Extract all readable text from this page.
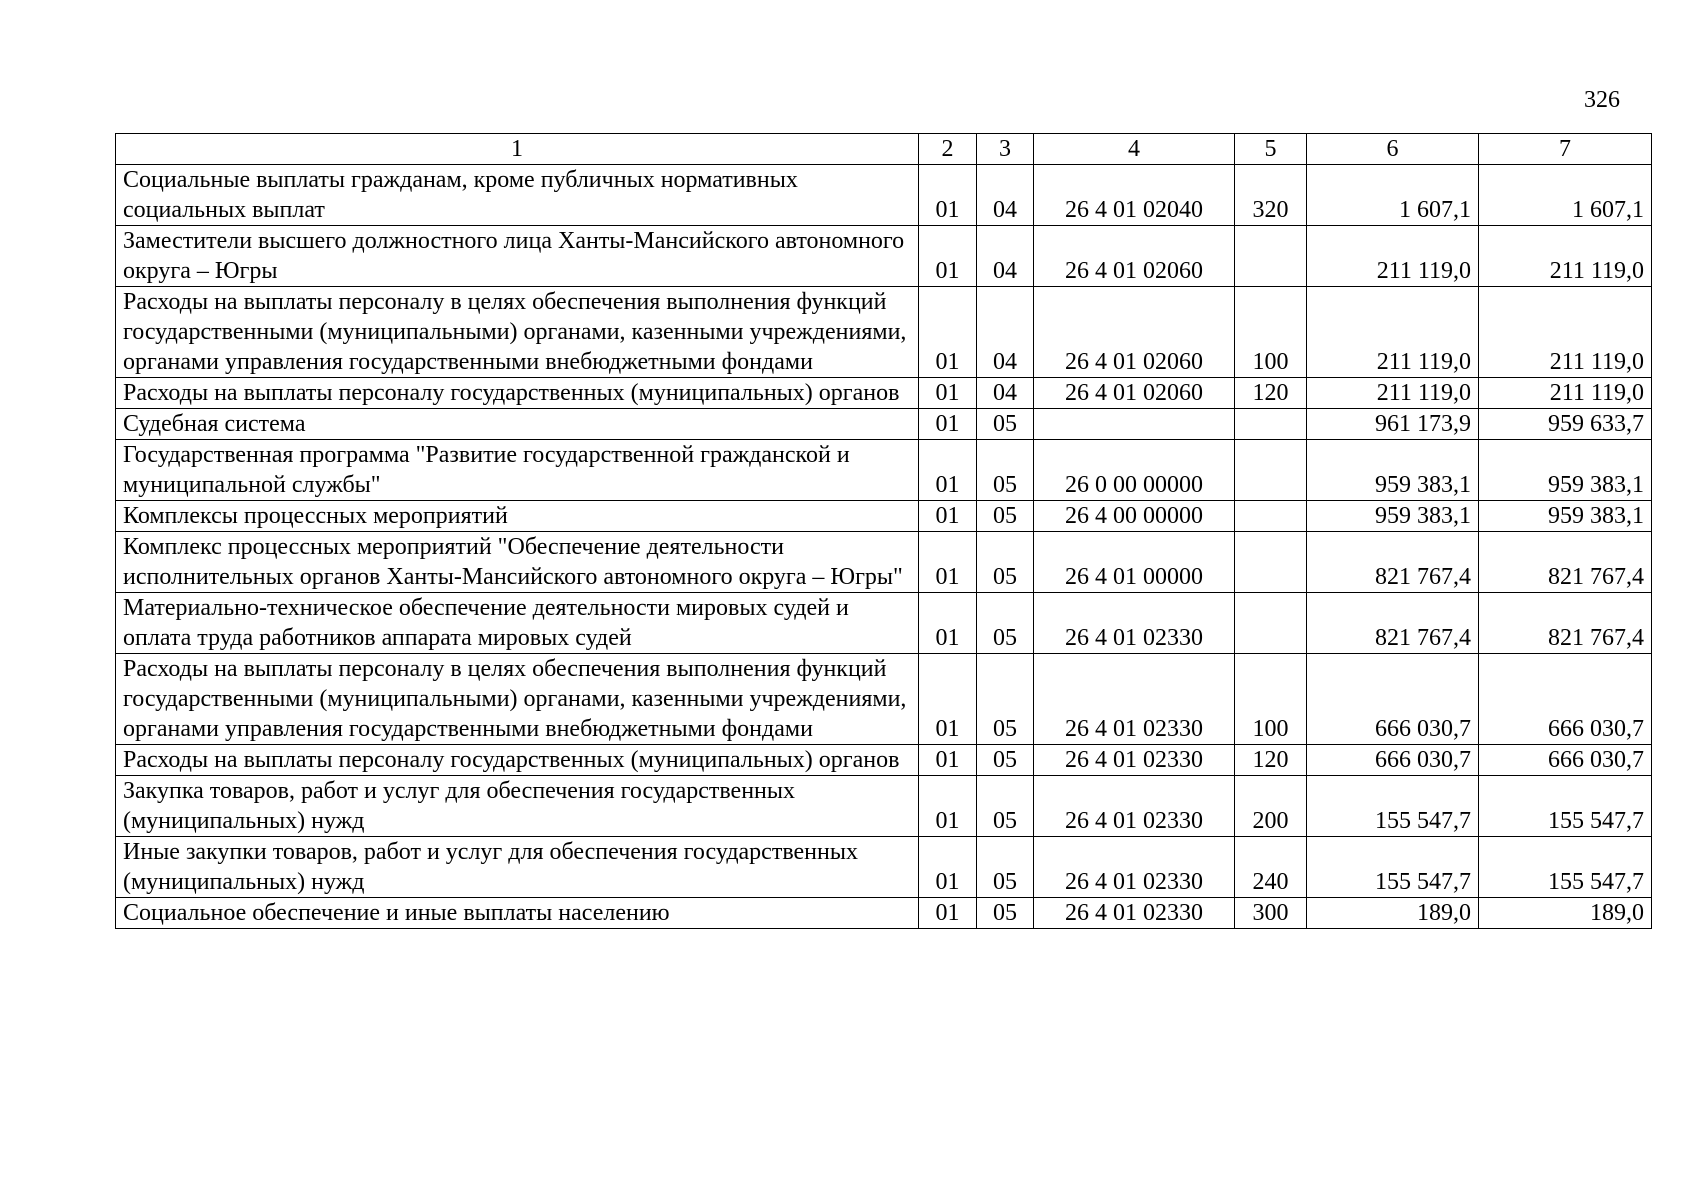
326
1	2	3	4	5	6	7
Социальные выплаты гражданам, кроме публичных нормативных социальных выплат	01	04	26 4 01 02040	320	1 607,1	1 607,1
Заместители высшего должностного лица Ханты-Мансийского автономного округа – Югры	01	04	26 4 01 02060		211 119,0	211 119,0
Расходы на выплаты персоналу в целях обеспечения выполнения функций государственными (муниципальными) органами, казенными учреждениями, органами управления государственными внебюджетными фондами	01	04	26 4 01 02060	100	211 119,0	211 119,0
Расходы на выплаты персоналу государственных (муниципальных) органов	01	04	26 4 01 02060	120	211 119,0	211 119,0
Судебная система	01	05			961 173,9	959 633,7
Государственная программа "Развитие государственной гражданской и муниципальной службы"	01	05	26 0 00 00000		959 383,1	959 383,1
Комплексы процессных мероприятий	01	05	26 4 00 00000		959 383,1	959 383,1
Комплекс процессных мероприятий "Обеспечение деятельности исполнительных органов Ханты-Мансийского автономного округа – Югры"	01	05	26 4 01 00000		821 767,4	821 767,4
Материально-техническое обеспечение деятельности мировых судей и оплата труда работников аппарата мировых судей	01	05	26 4 01 02330		821 767,4	821 767,4
Расходы на выплаты персоналу в целях обеспечения выполнения функций государственными (муниципальными) органами, казенными учреждениями, органами управления государственными внебюджетными фондами	01	05	26 4 01 02330	100	666 030,7	666 030,7
Расходы на выплаты персоналу государственных (муниципальных) органов	01	05	26 4 01 02330	120	666 030,7	666 030,7
Закупка товаров, работ и услуг для обеспечения государственных (муниципальных) нужд	01	05	26 4 01 02330	200	155 547,7	155 547,7
Иные закупки товаров, работ и услуг для обеспечения государственных (муниципальных) нужд	01	05	26 4 01 02330	240	155 547,7	155 547,7
Социальное обеспечение и иные выплаты населению	01	05	26 4 01 02330	300	189,0	189,0
